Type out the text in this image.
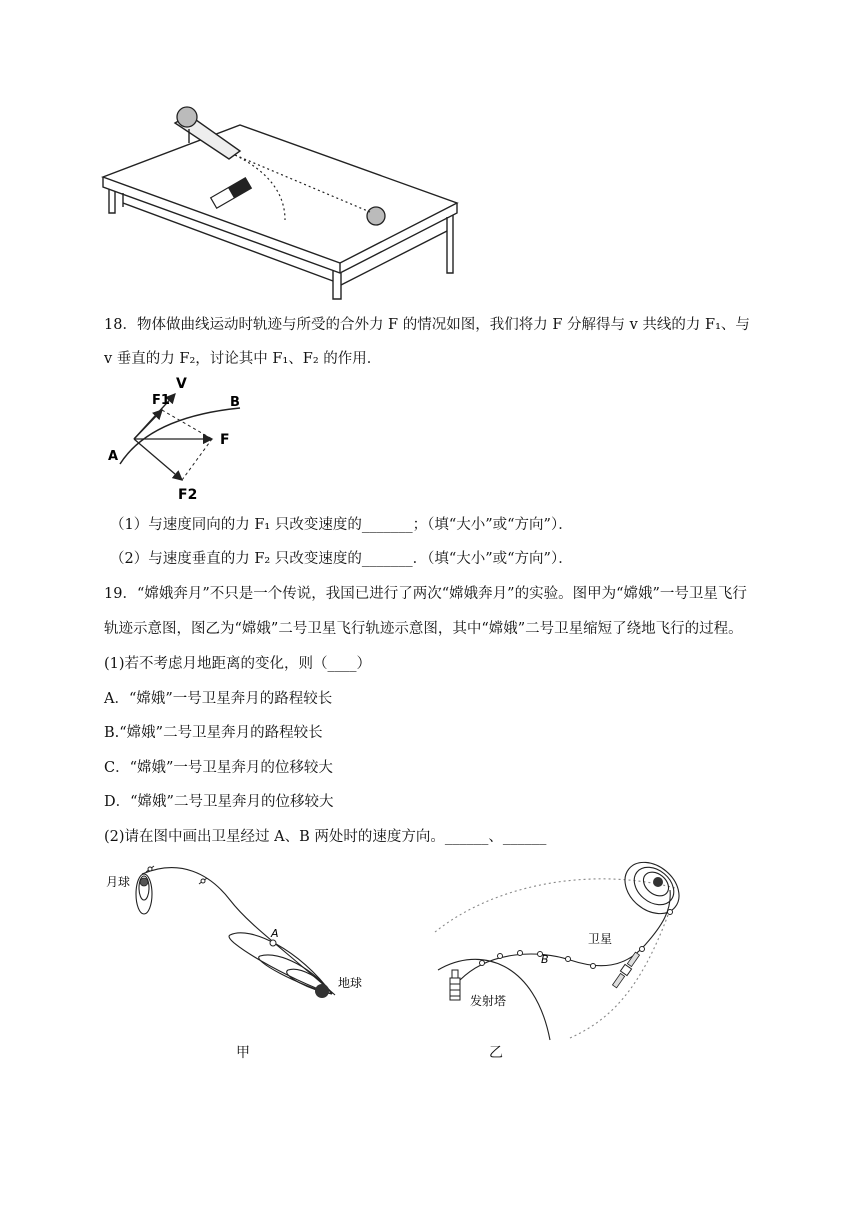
18．物体做曲线运动时轨迹与所受的合外力 F 的情况如图，我们将力 F 分解得与 v 共线的力 F₁、与
v 垂直的力 F₂，讨论其中 F₁、F₂ 的作用．
A
B
F
V
F1
F2
（1）与速度同向的力 F₁ 只改变速度的_______；（填“大小”或“方向”）．
（2）与速度垂直的力 F₂ 只改变速度的_______．（填“大小”或“方向”）．
19．“嫦娥奔月”不只是一个传说，我国已进行了两次“嫦娥奔月”的实验。图甲为“嫦娥”一号卫星飞行
轨迹示意图，图乙为“嫦娥”二号卫星飞行轨迹示意图，其中“嫦娥”二号卫星缩短了绕地飞行的过程。
(1)若不考虑月地距离的变化，则（____）
A．“嫦娥”一号卫星奔月的路程较长
B.“嫦娥”二号卫星奔月的路程较长
C．“嫦娥”一号卫星奔月的位移较大
D．“嫦娥”二号卫星奔月的位移较大
(2)请在图中画出卫星经过 A、B 两处时的速度方向。______、______
A
月球
地球
甲
B
卫星
发射塔
乙
